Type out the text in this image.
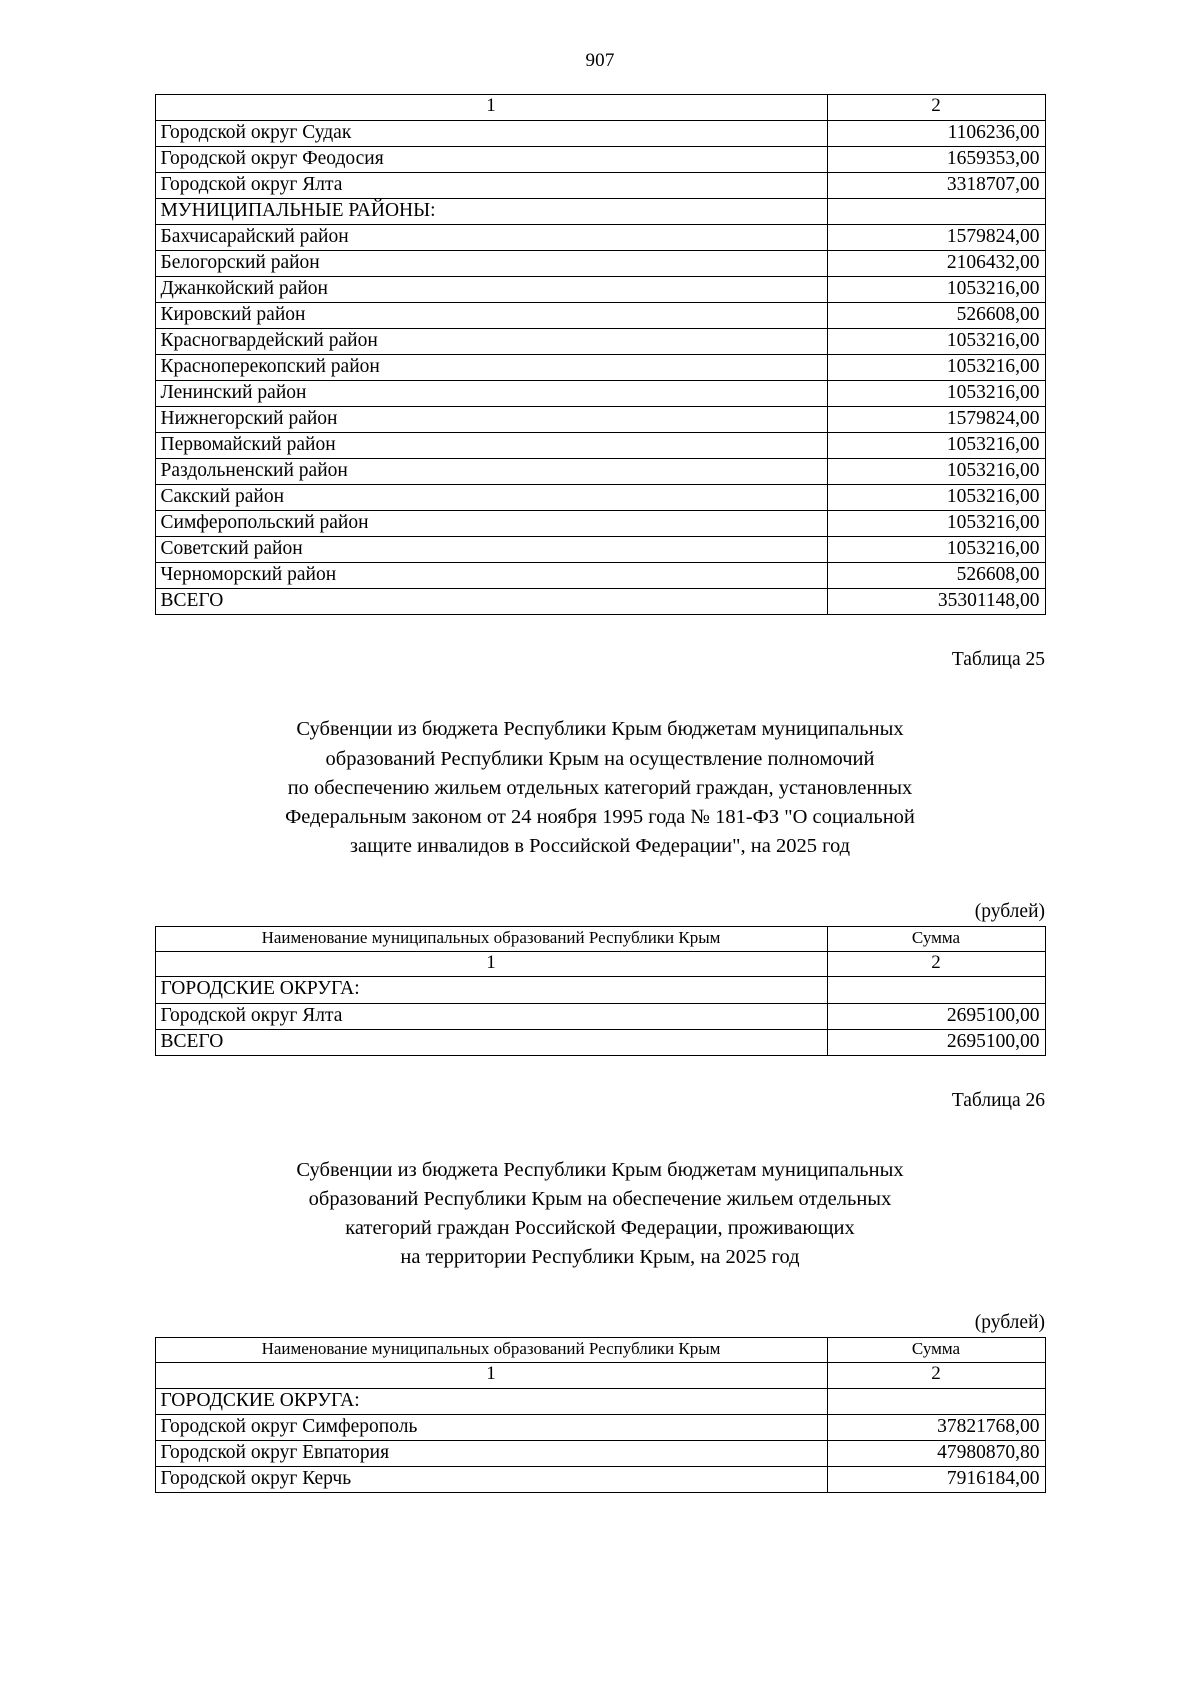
907
1	2
Городской округ Судак	1106236,00
Городской округ Феодосия	1659353,00
Городской округ Ялта	3318707,00
МУНИЦИПАЛЬНЫЕ РАЙОНЫ:	
Бахчисарайский район	1579824,00
Белогорский район	2106432,00
Джанкойский район	1053216,00
Кировский район	526608,00
Красногвардейский район	1053216,00
Красноперекопский район	1053216,00
Ленинский район	1053216,00
Нижнегорский район	1579824,00
Первомайский район	1053216,00
Раздольненский район	1053216,00
Сакский район	1053216,00
Симферопольский район	1053216,00
Советский район	1053216,00
Черноморский район	526608,00
ВСЕГО	35301148,00
Таблица 25
Субвенции из бюджета Республики Крым бюджетам муниципальных
образований Республики Крым на осуществление полномочий
по обеспечению жильем отдельных категорий граждан, установленных
Федеральным законом от 24 ноября 1995 года № 181-ФЗ "О социальной
защите инвалидов в Российской Федерации", на 2025 год
(рублей)
Наименование муниципальных образований Республики Крым	Сумма
1	2
ГОРОДСКИЕ ОКРУГА:	
Городской округ Ялта	2695100,00
ВСЕГО	2695100,00
Таблица 26
Субвенции из бюджета Республики Крым бюджетам муниципальных
образований Республики Крым на обеспечение жильем отдельных
категорий граждан Российской Федерации, проживающих
на территории Республики Крым, на 2025 год
(рублей)
Наименование муниципальных образований Республики Крым	Сумма
1	2
ГОРОДСКИЕ ОКРУГА:	
Городской округ Симферополь	37821768,00
Городской округ Евпатория	47980870,80
Городской округ Керчь	7916184,00
